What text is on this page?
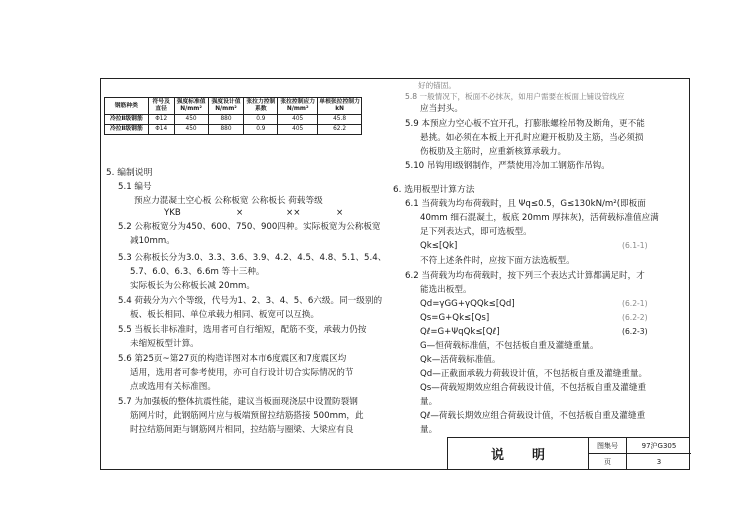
钢筋种类	符号及直径	强度标准值 N/mm²	强度设计值 N/mm²	张拉力控制系数	张拉控制应力 N/mm²	单根张拉控制力kN
冷拉Ⅱ级钢筋	Φ12	450	880	0.9	405	45.8
冷拉Ⅱ级钢筋	Φ14	450	880	0.9	405	62.2
5. 编制说明
5.1 编号
预应力混凝土空心板 公称板宽 公称板长 荷载等级
YKB	×	××	×
5.2 公称板宽分为450、600、750、900四种。实际板宽为公称板宽
减10mm。
5.3 公称板长分为3.0、3.3、3.6、3.9、4.2、4.5、4.8、5.1、5.4、
5.7、6.0、6.3、6.6m 等十三种。
实际板长为公称板长减 20mm。
5.4 荷载分为六个等级，代号为1、2、3、4、5、6六级。同一级别的
板、板长相同、单位承载力相同、板宽可以互换。
5.5 当板长非标准时，选用者可自行缩短，配筋不变，承载力仍按
未缩短板型计算。
5.6 第25页~第27页的构造详图对本市6度震区和7度震区均
适用，选用者可参考使用，亦可自行设计切合实际情况的节
点或选用有关标准图。
5.7 为加强板的整体抗震性能，建议当板面现浇层中设置防裂钢
筋网片时，此钢筋网片应与板端预留拉结筋搭接 500mm，此
时拉结筋间距与钢筋网片相同，拉结筋与圈梁、大梁应有良
好的锚固。
5.8 一般情况下，板面不必抹灰，如用户需要在板面上铺设管线应
应当封头。
5.9 本预应力空心板不宜开孔，打膨胀螺栓吊物及断角，更不能
悬挑。如必须在本板上开孔时应避开板肋及主筋，当必须损
伤板肋及主筋时，应重新核算承载力。
5.10 吊钩用Ⅰ级钢制作，严禁使用冷加工钢筋作吊钩。
6. 选用板型计算方法
6.1 当荷载为均布荷载时，且 Ψq≤0.5，G≤130kN/m²(即板面
40mm 细石混凝土，板底 20mm 厚抹灰)，活荷载标准值应满
足下列表达式，即可选板型。
Qk≤[Qk]	(6.1-1)
不符上述条件时，应按下面方法选板型。
6.2 当荷载为均布荷载时，按下列三个表达式计算都满足时，才
能选出板型。
Qd=γGG+γQQk≤[Qd]	(6.2-1)
Qs=G+Qk≤[Qs]	(6.2-2)
Qℓ=G+ΨqQk≤[Qℓ]	(6.2-3)
G—恒荷载标准值，不包括板自重及灌缝重量。
Qk—活荷载标准值。
Qd—正截面承载力荷载设计值，不包括板自重及灌缝重量。
Qs—荷载短期效应组合荷载设计值，不包括板自重及灌缝重
量。
Qℓ—荷载长期效应组合荷载设计值，不包括板自重及灌缝重
量。
说明
图集号	97沪G305
页	3
